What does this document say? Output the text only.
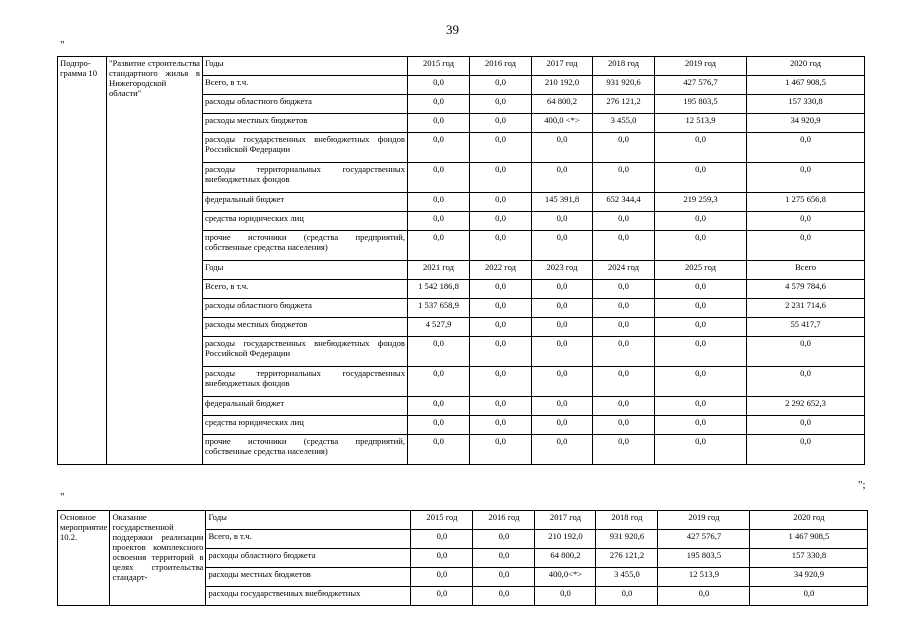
39
"
Подпро-грамма 10	"Развитие строительства стандартного жилья в Нижегородской области"	Годы	2015 год	2016 год	2017 год	2018 год	2019 год	2020 год
		Всего, в т.ч.	0,0	0,0	210 192,0	931 920,6	427 576,7	1 467 908,5
		расходы областного бюджета	0,0	0,0	64 800,2	276 121,2	195 803,5	157 330,8
		расходы местных бюджетов	0,0	0,0	400,0 <*>	3 455,0	12 513,9	34 920,9
		расходы государственных внебюджетных фондов Российской Федерации	0,0	0,0	0,0	0,0	0,0	0,0
		расходы территориальных государственных внебюджетных фондов	0,0	0,0	0,0	0,0	0,0	0,0
		федеральный бюджет	0,0	0,0	145 391,8	652 344,4	219 259,3	1 275 656,8
		средства юридических лиц	0,0	0,0	0,0	0,0	0,0	0,0
		прочие источники (средства предприятий, собственные средства населения)	0,0	0,0	0,0	0,0	0,0	0,0
		Годы	2021 год	2022 год	2023 год	2024 год	2025 год	Всего
		Всего, в т.ч.	1 542 186,8	0,0	0,0	0,0	0,0	4 579 784,6
		расходы областного бюджета	1 537 658,9	0,0	0,0	0,0	0,0	2 231 714,6
		расходы местных бюджетов	4 527,9	0,0	0,0	0,0	0,0	55 417,7
		расходы государственных внебюджетных фондов Российской Федерации	0,0	0,0	0,0	0,0	0,0	0,0
		расходы территориальных государственных внебюджетных фондов	0,0	0,0	0,0	0,0	0,0	0,0
		федеральный бюджет	0,0	0,0	0,0	0,0	0,0	2 292 652,3
		средства юридических лиц	0,0	0,0	0,0	0,0	0,0	0,0
		прочие источники (средства предприятий, собственные средства населения)	0,0	0,0	0,0	0,0	0,0	0,0
";
"
Основное мероприятие 10.2.	Оказание государственной поддержки реализации проектов комплексного освоения территорий в целях строительства стандарт-	Годы	2015 год	2016 год	2017 год	2018 год	2019 год	2020 год
		Всего, в т.ч.	0,0	0,0	210 192,0	931 920,6	427 576,7	1 467 908,5
		расходы областного бюджета	0,0	0,0	64 800,2	276 121,2	195 803,5	157 330,8
		расходы местных бюджетов	0,0	0,0	400,0<*>	3 455,0	12 513,9	34 920,9
		расходы государственных внебюджетных	0,0	0,0	0,0	0,0	0,0	0,0
